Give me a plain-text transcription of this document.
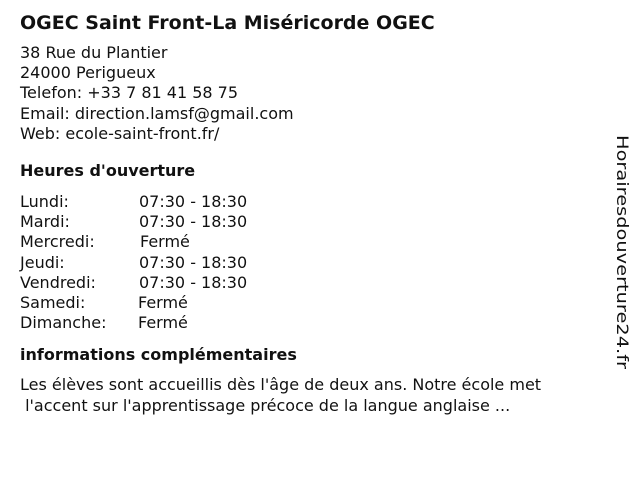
OGEC Saint Front-La Miséricorde OGEC
38 Rue du Plantier
24000 Perigueux
Telefon: +33 7 81 41 58 75
Email: direction.lamsf@gmail.com
Web: ecole-saint-front.fr/
Heures d'ouverture
Lundi:	07:30 - 18:30
Mardi:	07:30 - 18:30
Mercredi:	Fermé
Jeudi:	07:30 - 18:30
Vendredi:	07:30 - 18:30
Samedi:	Fermé
Dimanche: Fermé
informations complémentaires
Les élèves sont accueillis dès l'âge de deux ans. Notre école met
l'accent sur l'apprentissage précoce de la langue anglaise ...
Horairesdouverture24.fr
